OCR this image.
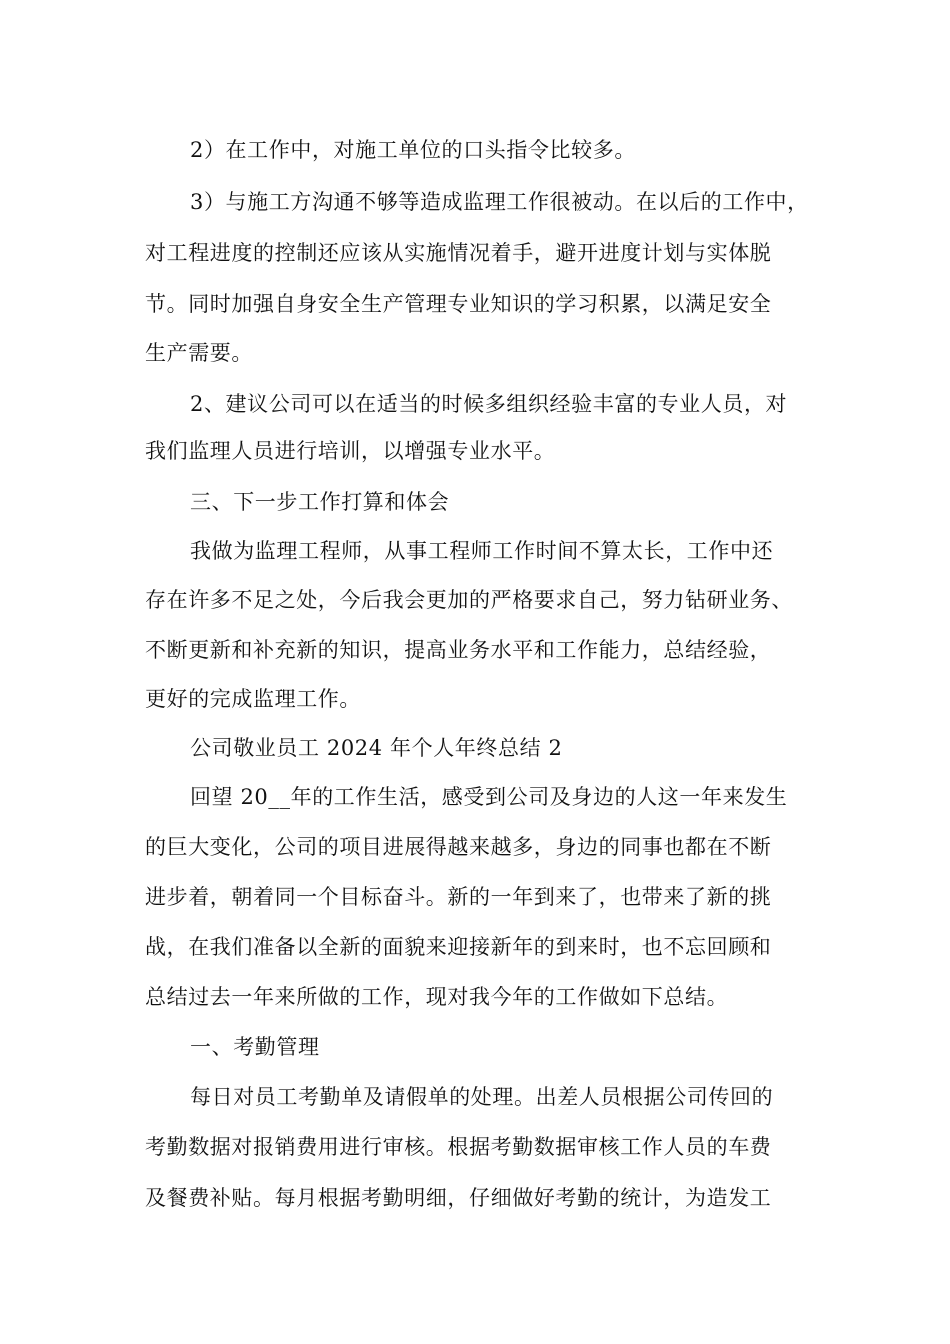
2）在工作中，对施工单位的口头指令比较多。

3）与施工方沟通不够等造成监理工作很被动。在以后的工作中，

对工程进度的控制还应该从实施情况着手，避开进度计划与实体脱

节。同时加强自身安全生产管理专业知识的学习积累，以满足安全

生产需要。

2、建议公司可以在适当的时候多组织经验丰富的专业人员，对

我们监理人员进行培训，以增强专业水平。

三、下一步工作打算和体会

我做为监理工程师，从事工程师工作时间不算太长，工作中还

存在许多不足之处，今后我会更加的严格要求自己，努力钻研业务、

不断更新和补充新的知识，提高业务水平和工作能力，总结经验，

更好的完成监理工作。

公司敬业员工 2024 年个人年终总结 2

回望 20__年的工作生活，感受到公司及身边的人这一年来发生

的巨大变化，公司的项目进展得越来越多，身边的同事也都在不断

进步着，朝着同一个目标奋斗。新的一年到来了，也带来了新的挑

战，在我们准备以全新的面貌来迎接新年的到来时，也不忘回顾和

总结过去一年来所做的工作，现对我今年的工作做如下总结。

一、考勤管理

每日对员工考勤单及请假单的处理。出差人员根据公司传回的

考勤数据对报销费用进行审核。根据考勤数据审核工作人员的车费

及餐费补贴。每月根据考勤明细，仔细做好考勤的统计，为造发工
